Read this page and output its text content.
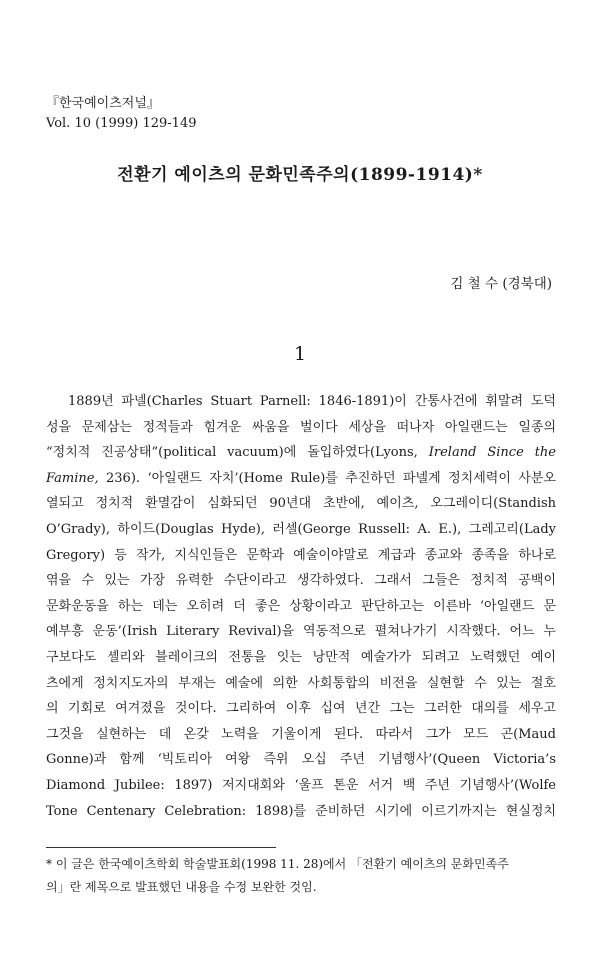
『한국예이츠저널』
Vol. 10 (1999) 129-149
전환기 예이츠의 문화민족주의(1899-1914)*
김 철 수 (경북대)
1
1889년 파넬(Charles Stuart Parnell: 1846-1891)이 간통사건에 휘말려 도덕
성을 문제삼는 정적들과 힘겨운 싸움을 벌이다 세상을 떠나자 아일랜드는 일종의
“정치적 진공상태”(political vacuum)에 돌입하였다(Lyons, Ireland Since the
Famine, 236). ‘아일랜드 자치’(Home Rule)를 추진하던 파넬계 정치세력이 사분오
열되고 정치적 환멸감이 심화되던 90년대 초반에, 예이츠, 오그레이디(Standish
O’Grady), 하이드(Douglas Hyde), 러셀(George Russell: A. E.), 그레고리(Lady
Gregory) 등 작가, 지식인들은 문학과 예술이야말로 계급과 종교와 종족을 하나로
엮을 수 있는 가장 유력한 수단이라고 생각하였다. 그래서 그들은 정치적 공백이
문화운동을 하는 데는 오히려 더 좋은 상황이라고 판단하고는 이른바 ‘아일랜드 문
예부흥 운동’(Irish Literary Revival)을 역동적으로 펼쳐나가기 시작했다. 어느 누
구보다도 셸리와 블레이크의 전통을 잇는 낭만적 예술가가 되려고 노력했던 예이
츠에게 정치지도자의 부재는 예술에 의한 사회통합의 비전을 실현할 수 있는 절호
의 기회로 여겨졌을 것이다. 그리하여 이후 십여 년간 그는 그러한 대의를 세우고
그것을 실현하는 데 온갖 노력을 기울이게 된다. 따라서 그가 모드 곤(Maud
Gonne)과 함께 ‘빅토리아 여왕 즉위 오십 주년 기념행사’(Queen Victoria’s
Diamond Jubilee: 1897) 저지대회와 ‘울프 톤운 서거 백 주년 기념행사’(Wolfe
Tone Centenary Celebration: 1898)를 준비하던 시기에 이르기까지는 현실정치
* 이 글은 한국예이츠학회 학술발표회(1998 11. 28)에서 「전환기 예이츠의 문화민족주
의」란 제목으로 발표했던 내용을 수정 보완한 것임.
